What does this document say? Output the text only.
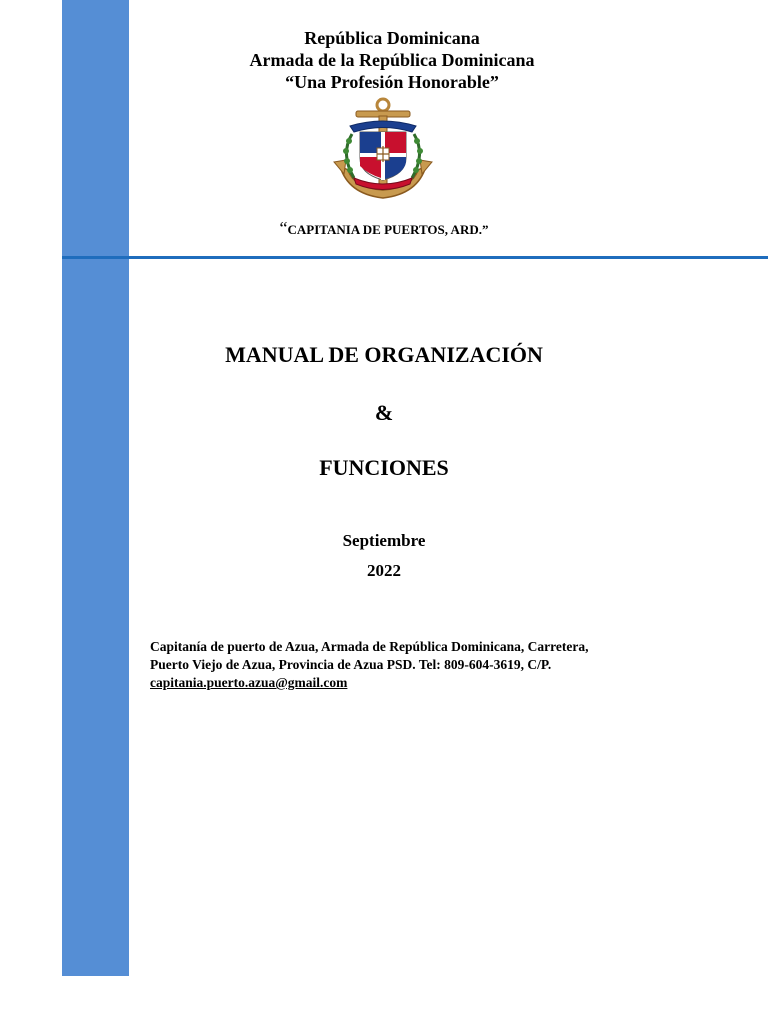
República Dominicana
Armada de la República Dominicana
“Una Profesión Honorable”
“CAPITANIA DE PUERTOS, ARD.”
MANUAL DE ORGANIZACIÓN
&
FUNCIONES
Septiembre
2022
Capitanía de puerto de Azua, Armada de República Dominicana, Carretera,
Puerto Viejo de Azua, Provincia de Azua PSD. Tel: 809-604-3619, C/P.
capitania.puerto.azua@gmail.com
